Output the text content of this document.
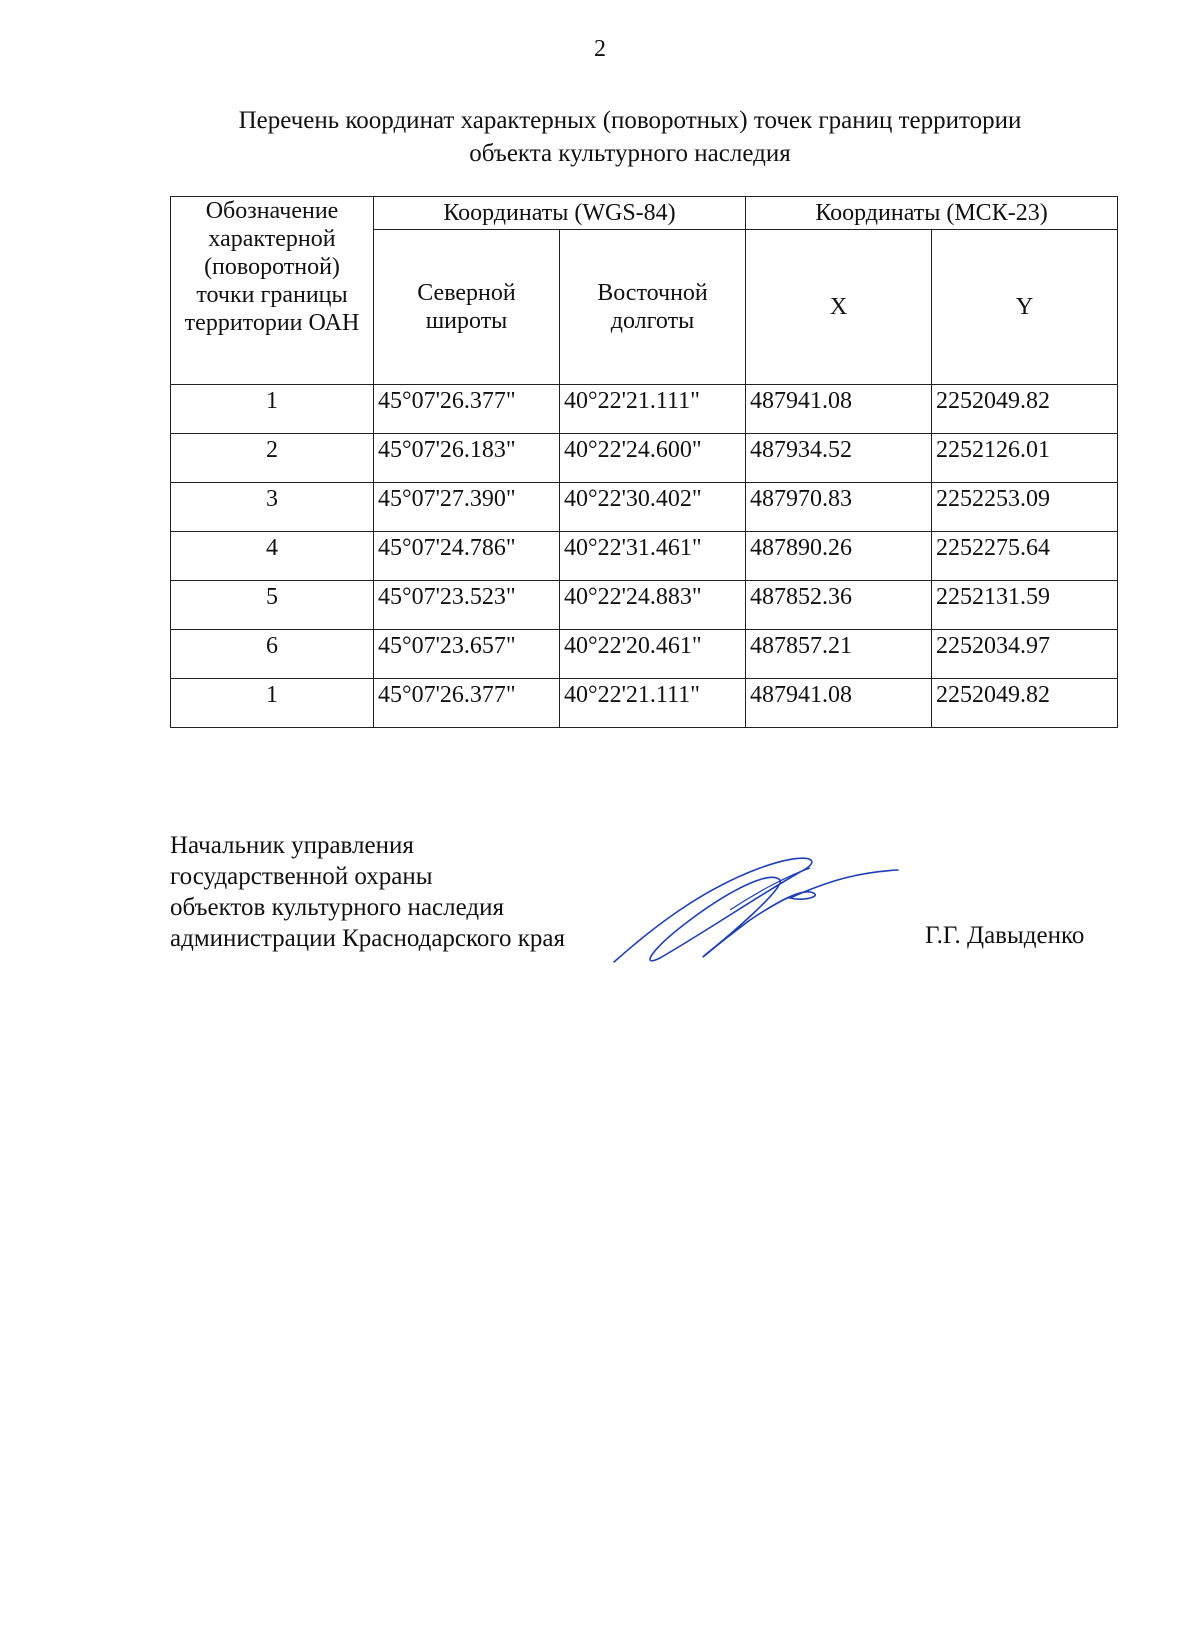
2
Перечень координат характерных (поворотных) точек границ территории
объекта культурного наследия
Обозначение характерной (поворотной) точки границы территории ОАН	Координаты (WGS-84)		Координаты (МСК-23)	
	Северной широты	Восточной долготы	X	Y
1	45°07'26.377"	40°22'21.111"	487941.08	2252049.82
2	45°07'26.183"	40°22'24.600"	487934.52	2252126.01
3	45°07'27.390"	40°22'30.402"	487970.83	2252253.09
4	45°07'24.786"	40°22'31.461"	487890.26	2252275.64
5	45°07'23.523"	40°22'24.883"	487852.36	2252131.59
6	45°07'23.657"	40°22'20.461"	487857.21	2252034.97
1	45°07'26.377"	40°22'21.111"	487941.08	2252049.82
Начальник управления
государственной охраны
объектов культурного наследия
администрации Краснодарского края	Г.Г. Давыденко
